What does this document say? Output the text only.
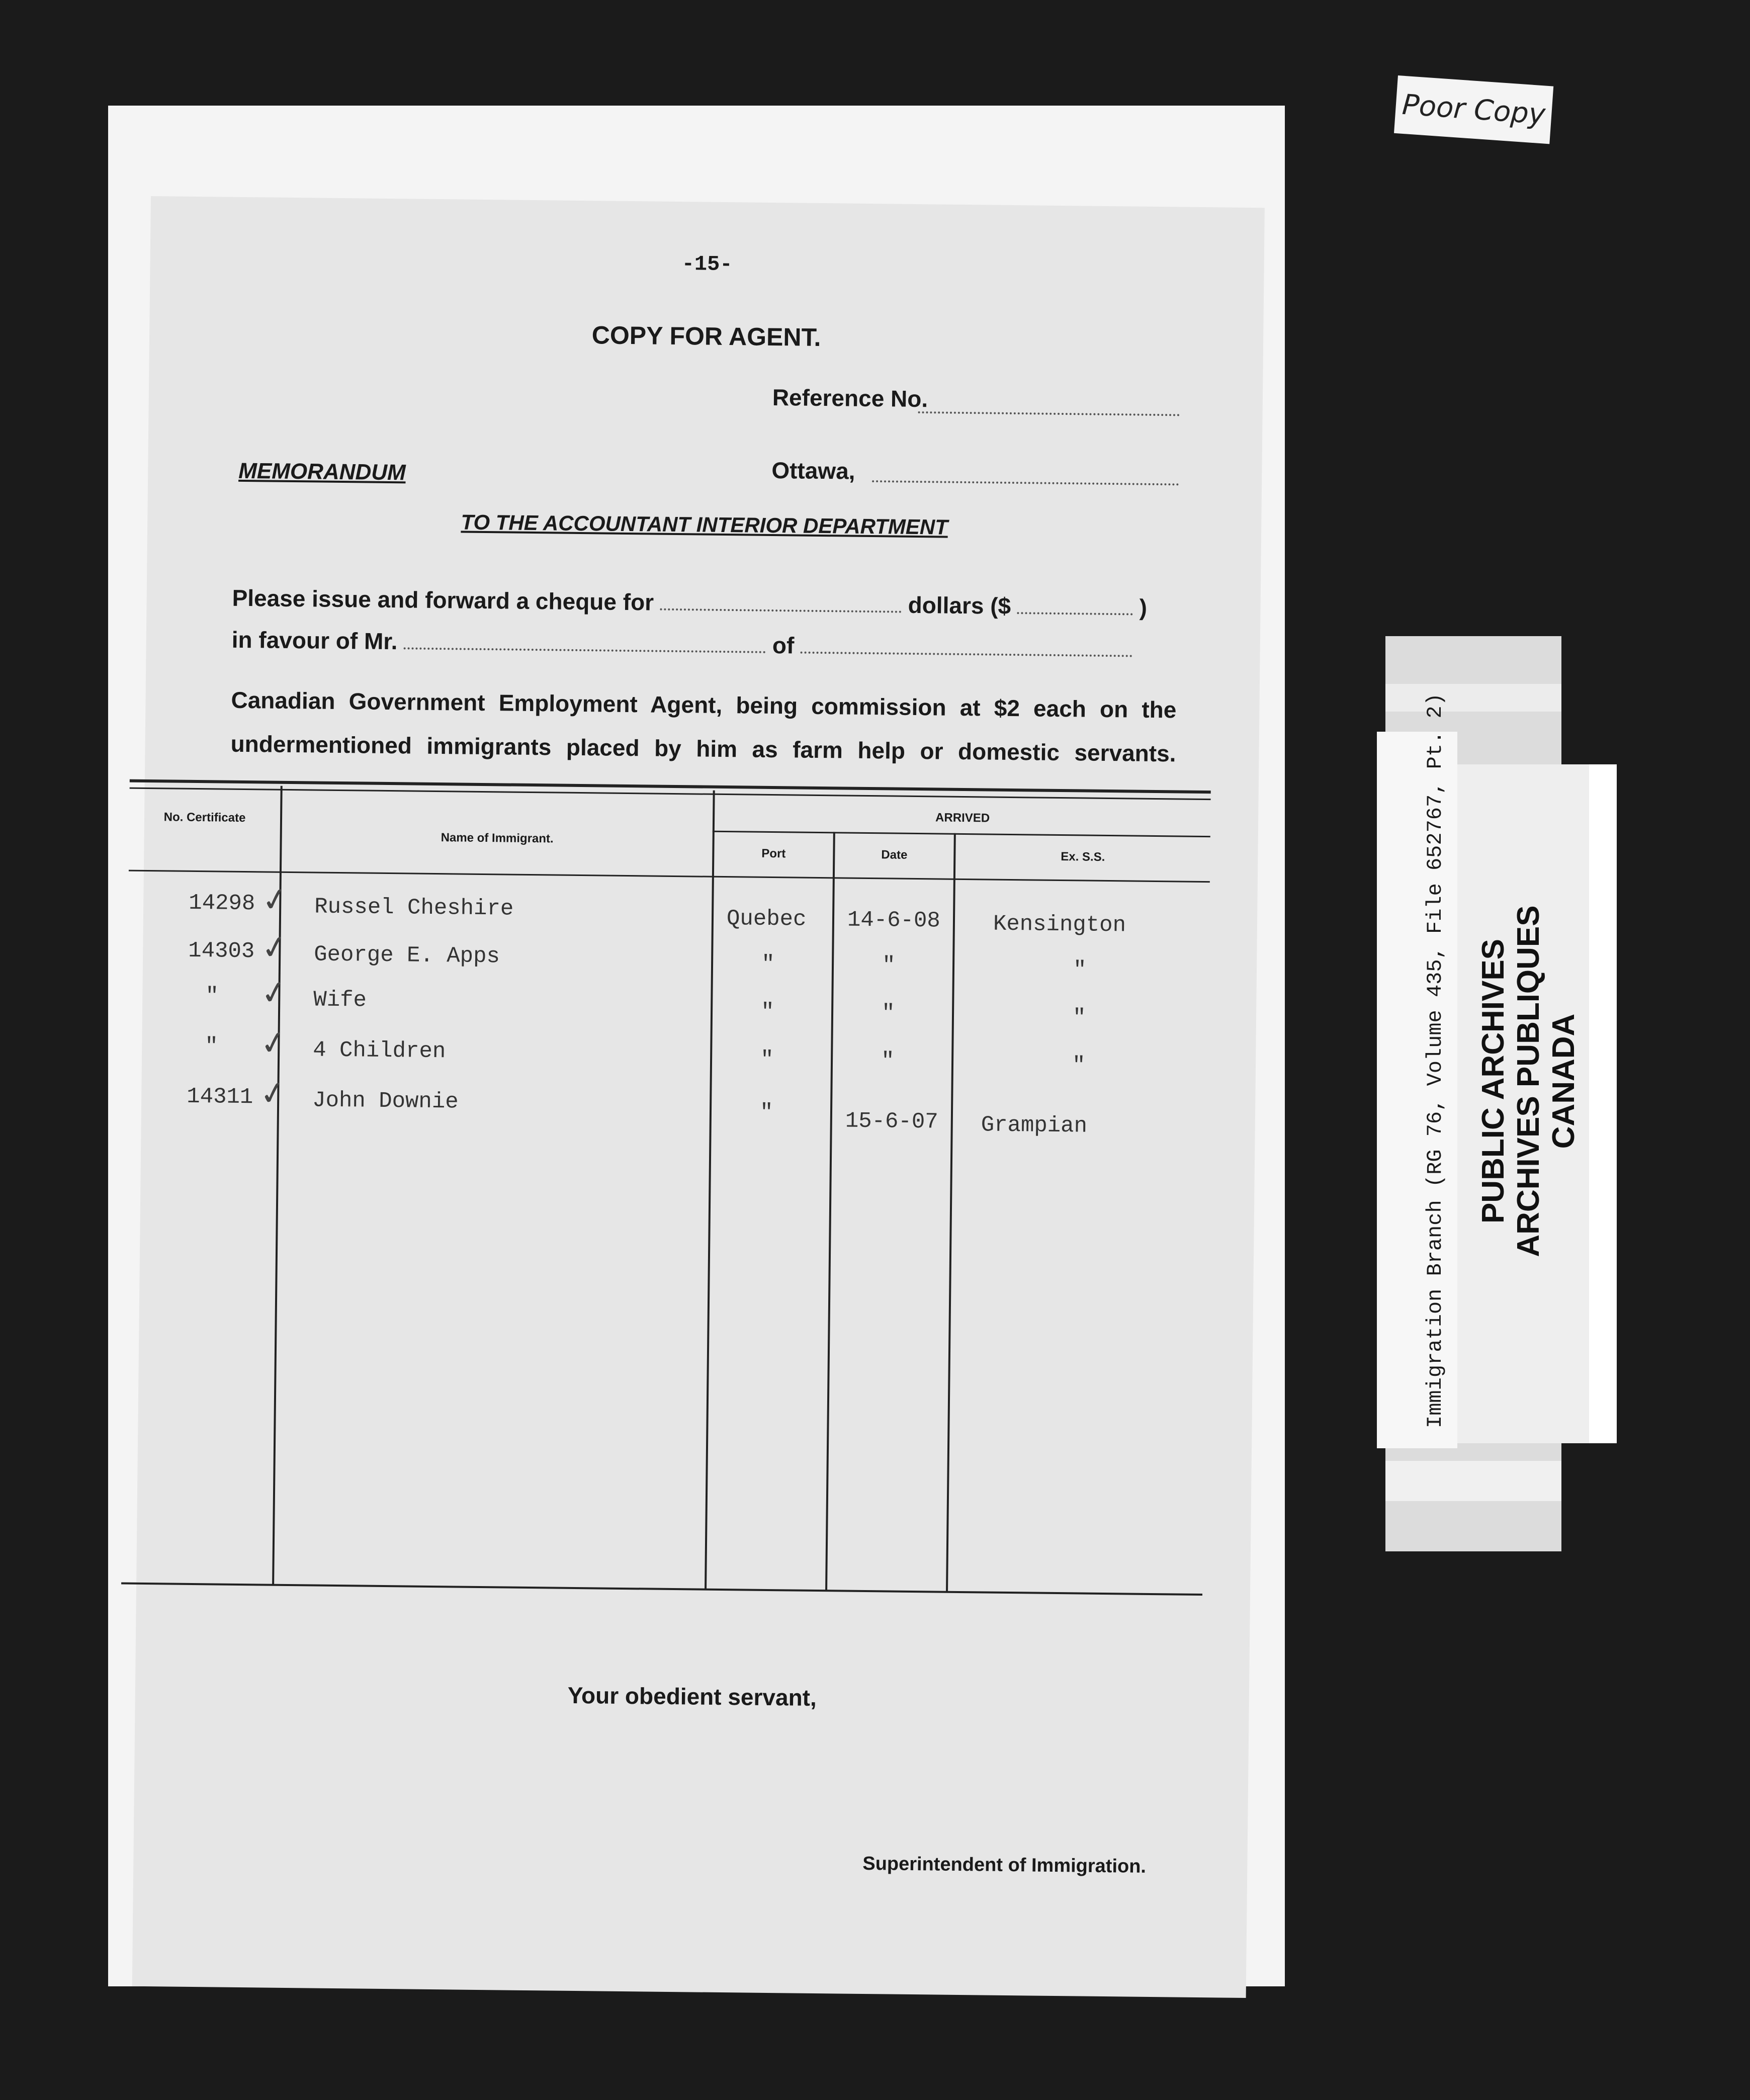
-15-
COPY FOR AGENT.
Reference No.
MEMORANDUM	Ottawa,
TO THE ACCOUNTANT INTERIOR DEPARTMENT
Please issue and forward a cheque for	dollars ($	)
in favour of Mr.	of
Canadian Government Employment Agent, being commission at $2 each on the
undermentioned immigrants placed by him as farm help or domestic servants.
No. Certificate
Name of Immigrant.
ARRIVED
Port	Date	Ex. S.S.
14298 ✓ Russel Cheshire	Quebec 14-6-08 Kensington
14303 ✓ George E. Apps	"	"	"
" ✓ Wife	"	"	"
" ✓ 4 Children	"	"	"
14311 ✓ John Downie	"	15-6-07 Grampian
Your obedient servant,
Superintendent of Immigration.
Poor Copy
Immigration Branch (RG 76, Volume 435, File 652767, Pt. 2) PUBLIC ARCHIVES ARCHIVES PUBLIQUES CANADA
